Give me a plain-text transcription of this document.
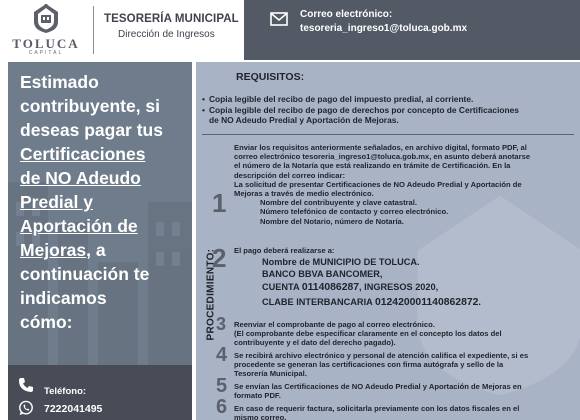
TOLUCA
CAPITAL
TESORERÍA MUNICIPAL
Dirección de Ingresos
Correo electrónico:
tesoreria_ingreso1@toluca.gob.mx
Estimado
contribuyente, si
deseas pagar tus
Certificaciones
de NO Adeudo
Predial y
Aportación de
Mejoras, a
continuación te
indicamos
cómo:
Teléfono:
7222041495
REQUISITOS:
• Copia legible del recibo de pago del impuesto predial, al corriente.
• Copia legible del recibo de pago de derechos por concepto de Certificaciones
de NO Adeudo Predial y Aportación de Mejoras.
PROCEDIMIENTO:
1
Enviar los requisitos anteriormente señalados, en archivo digital, formato PDF, al
correo electrónico tesoreria_ingreso1@toluca.gob.mx, en asunto deberá anotarse
el número de la Notaría que está realizando en trámite de Certificación. En la
descripción del correo indicar:
La solicitud de presentar Certificaciones de NO Adeudo Predial y Aportación de
Mejoras a través de medio electrónico.
Nombre del contribuyente y clave catastral.
Número telefónico de contacto y correo electrónico.
Nombre del Notario, número de Notaría.
2 El pago deberá realizarse a:
Nombre de MUNICIPIO DE TOLUCA.
BANCO BBVA BANCOMER,
CUENTA 0114086287, INGRESOS 2020,
CLABE INTERBANCARIA 012420001140862872.
3 Reenviar el comprobante de pago al correo electrónico.
(El comprobante debe especificar claramente en el concepto los datos del
contribuyente y el dato del derecho pagado).
4 Se recibirá archivo electrónico y personal de atención califica el expediente, si es
procedente se generan las certificaciones con firma autógrafa y sello de la
Tesorería Municipal.
5 Se envían las Certificaciones de NO Adeudo Predial y Aportación de Mejoras en
formato PDF.
6 En caso de requerir factura, solicitarla previamente con los datos fiscales en el
mismo correo.
